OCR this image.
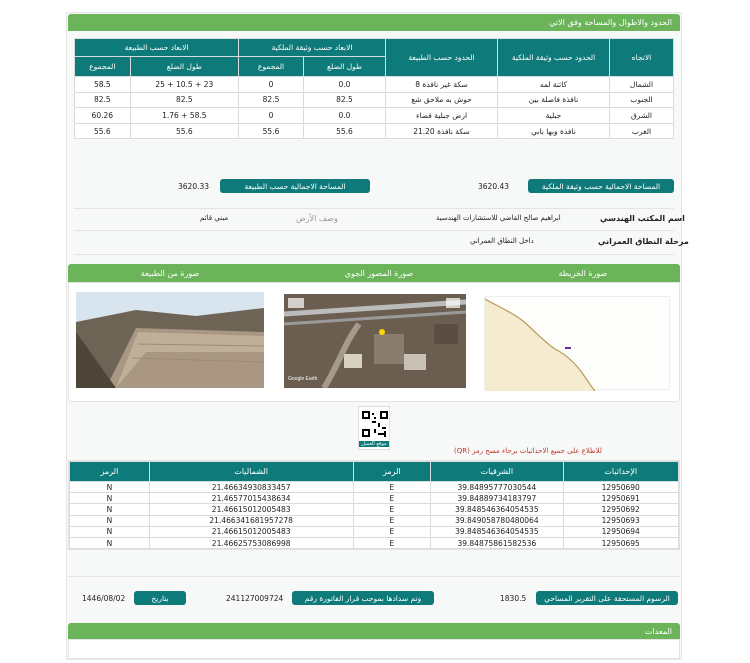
الحدود والاطوال والمساحة وفق الاتي
الاتجاه	الحدود حسب وثيقة الملكية	الحدود حسب الطبيعة	الابعاد حسب وثيقة الملكية		الابعاد حسب الطبيعة	
			طول الضلع	المجموع	طول الضلع	المجموع
الشمال	كائنة لمه	سكة غير نافذة 8	0.0	0	23 + 10.5 + 25	58.5
الجنوب	نافذة فاصلة بين	حوش به ملاحق شع	82.5	82.5	82.5	82.5
الشرق	جبلية	ارض جبلية فضاء	0.0	0	58.5 + 1.76	60.26
الغرب	نافذة وبها بابي	سكة نافذة 21.20	55.6	55.6	55.6	55.6
المساحة الاجمالية حسب وثيقة الملكية
3620.43
المساحة الاجمالية حسب الطبيعة
3620.33
اسم المكتب الهندسي
ابراهيم صالح القاضي للاستشارات الهندسية
وصف الأرض
مبني قائم
مرحلة النطاق العمراني
داخل النطاق العمراني
صورة الخريطة
صورة المصور الجوي
صورة من الطبيعة
Google Earth
موقع العميل
للاطلاع على جميع الاحداثيات برجاء مسح رمز (QR)
الإحداثيات	الشرقيات	الرمز	الشماليات	الرمز
12950690	39.84895777030544	E	21.46634930833457	N
12950691	39.84889734183797	E	21.46577015438634	N
12950692	39.848546364054535	E	21.46615012005483	N
12950693	39.849058780480064	E	21.466341681957278	N
12950694	39.848546364054535	E	21.46615012005483	N
12950695	39.84875861582536	E	21.46625753086998	N
الرسوم المستحقة على التقرير المساحي
1830.5
وتم سدادها بموجب قرار الفاتورة رقم
241127009724
بتاريخ
1446/08/02
المعدات
